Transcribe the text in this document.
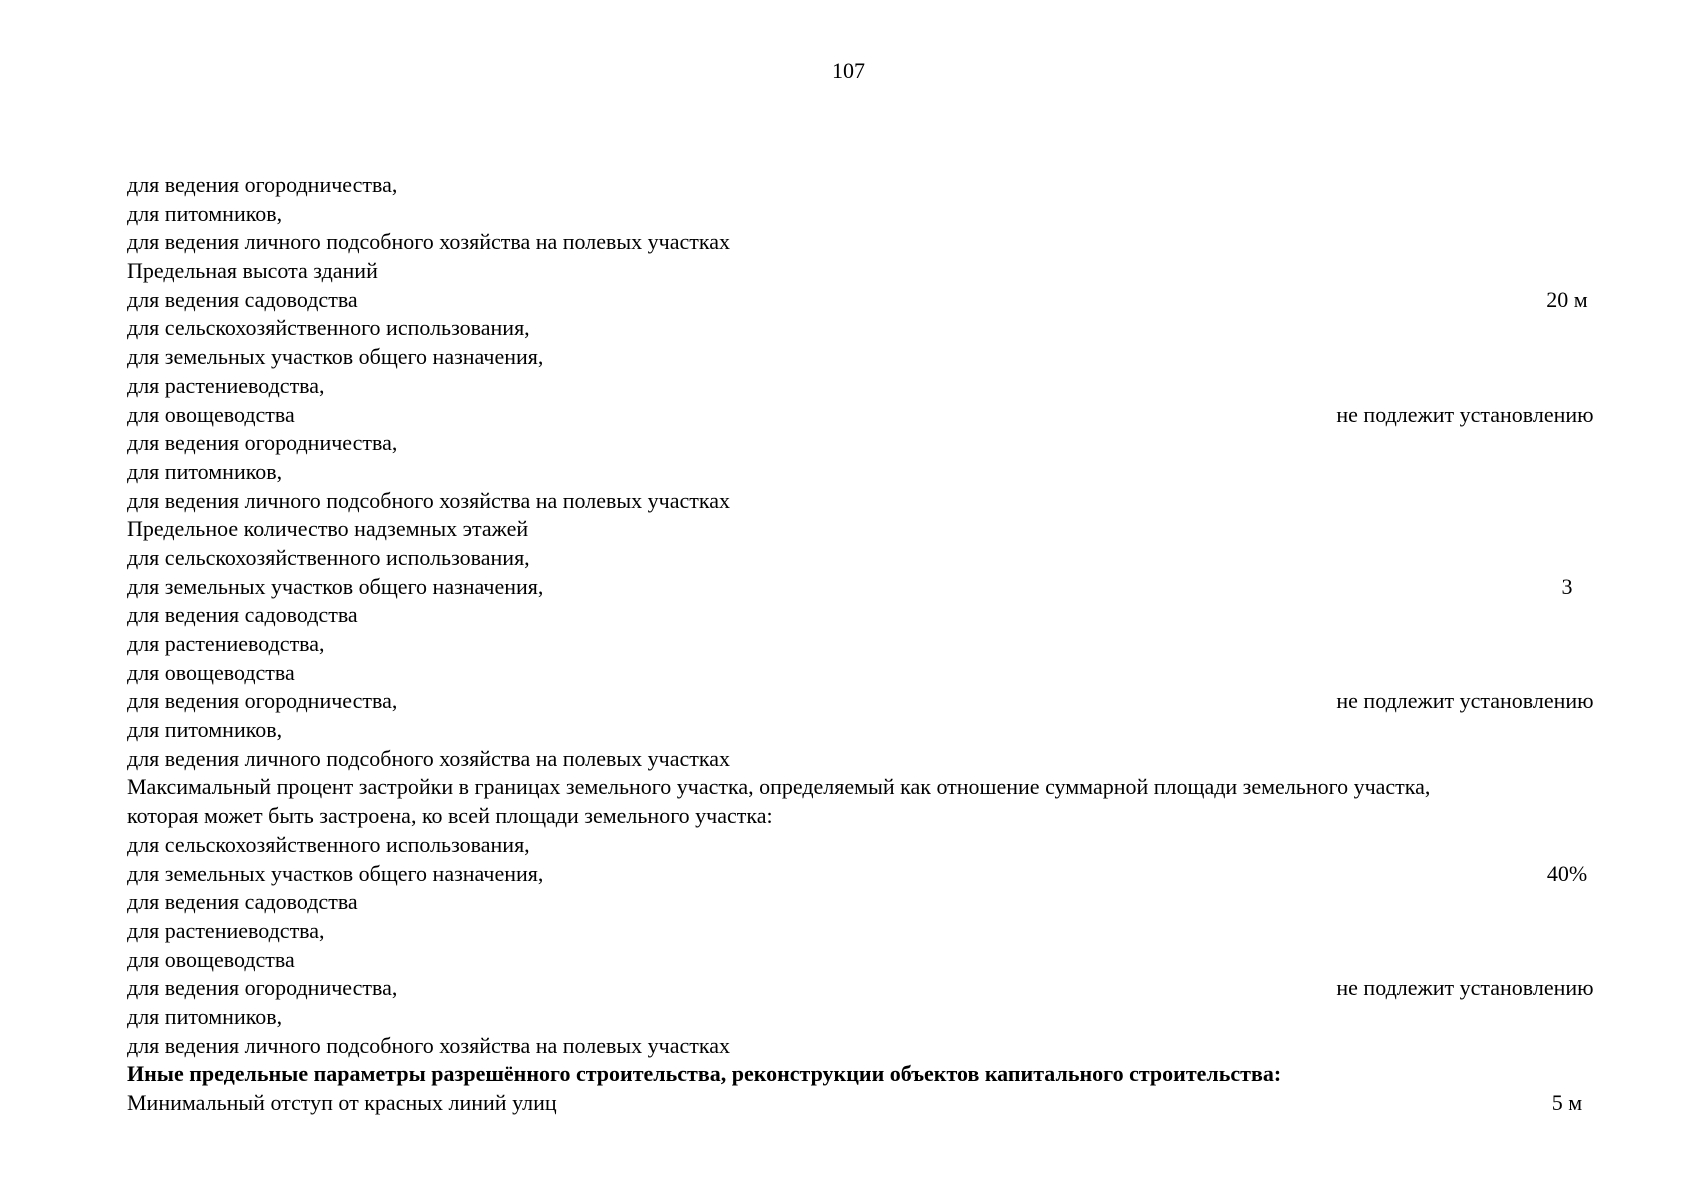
107
для ведения огородничества,
для питомников,
для ведения личного подсобного хозяйства на полевых участках
Предельная высота зданий
для ведения садоводства	20 м
для сельскохозяйственного использования,
для земельных участков общего назначения,
для растениеводства,
для овощеводства	не подлежит установлению
для ведения огородничества,
для питомников,
для ведения личного подсобного хозяйства на полевых участках
Предельное количество надземных этажей
для сельскохозяйственного использования,
для земельных участков общего назначения,	3
для ведения садоводства
для растениеводства,
для овощеводства
для ведения огородничества,	не подлежит установлению
для питомников,
для ведения личного подсобного хозяйства на полевых участках
Максимальный процент застройки в границах земельного участка, определяемый как отношение суммарной площади земельного участка,
которая может быть застроена, ко всей площади земельного участка:
для сельскохозяйственного использования,
для земельных участков общего назначения,	40%
для ведения садоводства
для растениеводства,
для овощеводства
для ведения огородничества,	не подлежит установлению
для питомников,
для ведения личного подсобного хозяйства на полевых участках
Иные предельные параметры разрешённого строительства, реконструкции объектов капитального строительства:
Минимальный отступ от красных линий улиц	5 м
